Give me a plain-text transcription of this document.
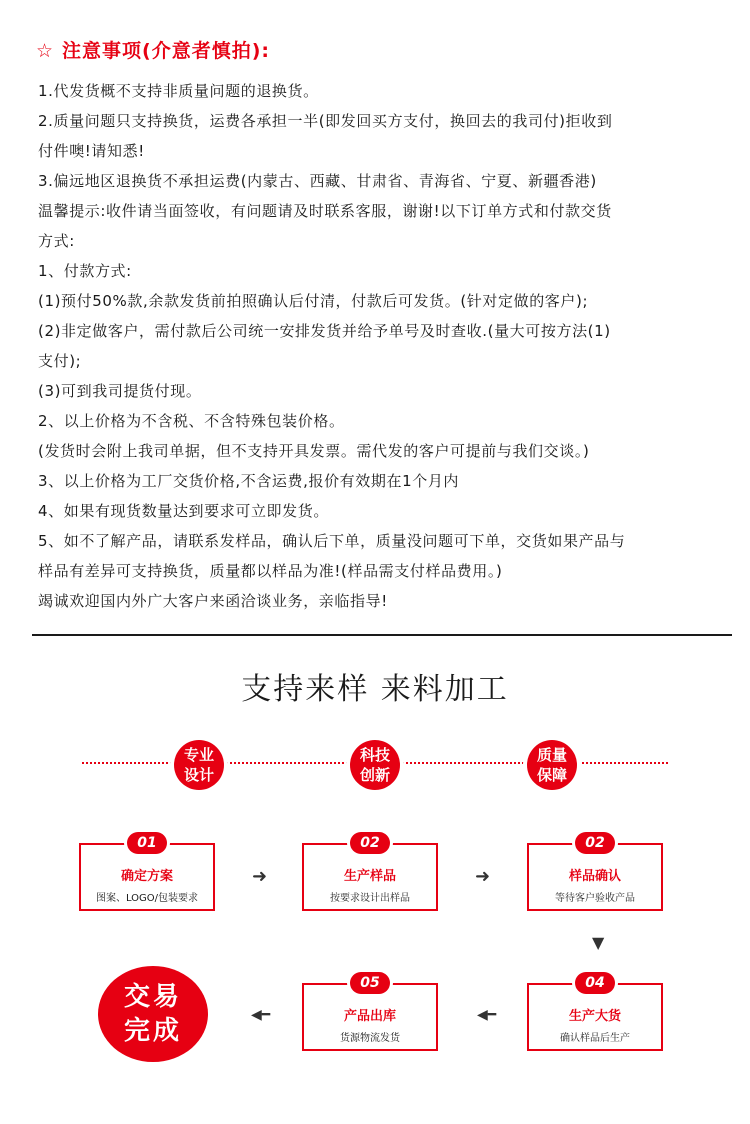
☆ 注意事项(介意者慎拍):
1.代发货概不支持非质量问题的退换货。
2.质量问题只支持换货，运费各承担一半(即发回买方支付，换回去的我司付)拒收到
付件噢!请知悉!
3.偏远地区退换货不承担运费(内蒙古、西藏、甘肃省、青海省、宁夏、新疆香港)
温馨提示:收件请当面签收，有问题请及时联系客服，谢谢!以下订单方式和付款交货
方式:
1、付款方式:
(1)预付50%款,余款发货前拍照确认后付清，付款后可发货。(针对定做的客户);
(2)非定做客户，需付款后公司统一安排发货并给予单号及时查收.(量大可按方法(1)
支付);
(3)可到我司提货付现。
2、以上价格为不含税、不含特殊包装价格。
(发货时会附上我司单据，但不支持开具发票。需代发的客户可提前与我们交谈。)
3、以上价格为工厂交货价格,不含运费,报价有效期在1个月内
4、如果有现货数量达到要求可立即发货。
5、如不了解产品，请联系发样品，确认后下单，质量没问题可下单，交货如果产品与
样品有差异可支持换货，质量都以样品为准!(样品需支付样品费用。)
竭诚欢迎国内外广大客户来函洽谈业务，亲临指导!
支持来样 来料加工
专业
设计
科技
创新
质量
保障
01
确定方案
图案、LOGO/包装要求
➜
02
生产样品
按要求设计出样品
➜
02
样品确认
等待客户验收产品
▼
04
生产大货
确认样品后生产
◀━
05
产品出库
货源物流发货
◀━
交易
完成
